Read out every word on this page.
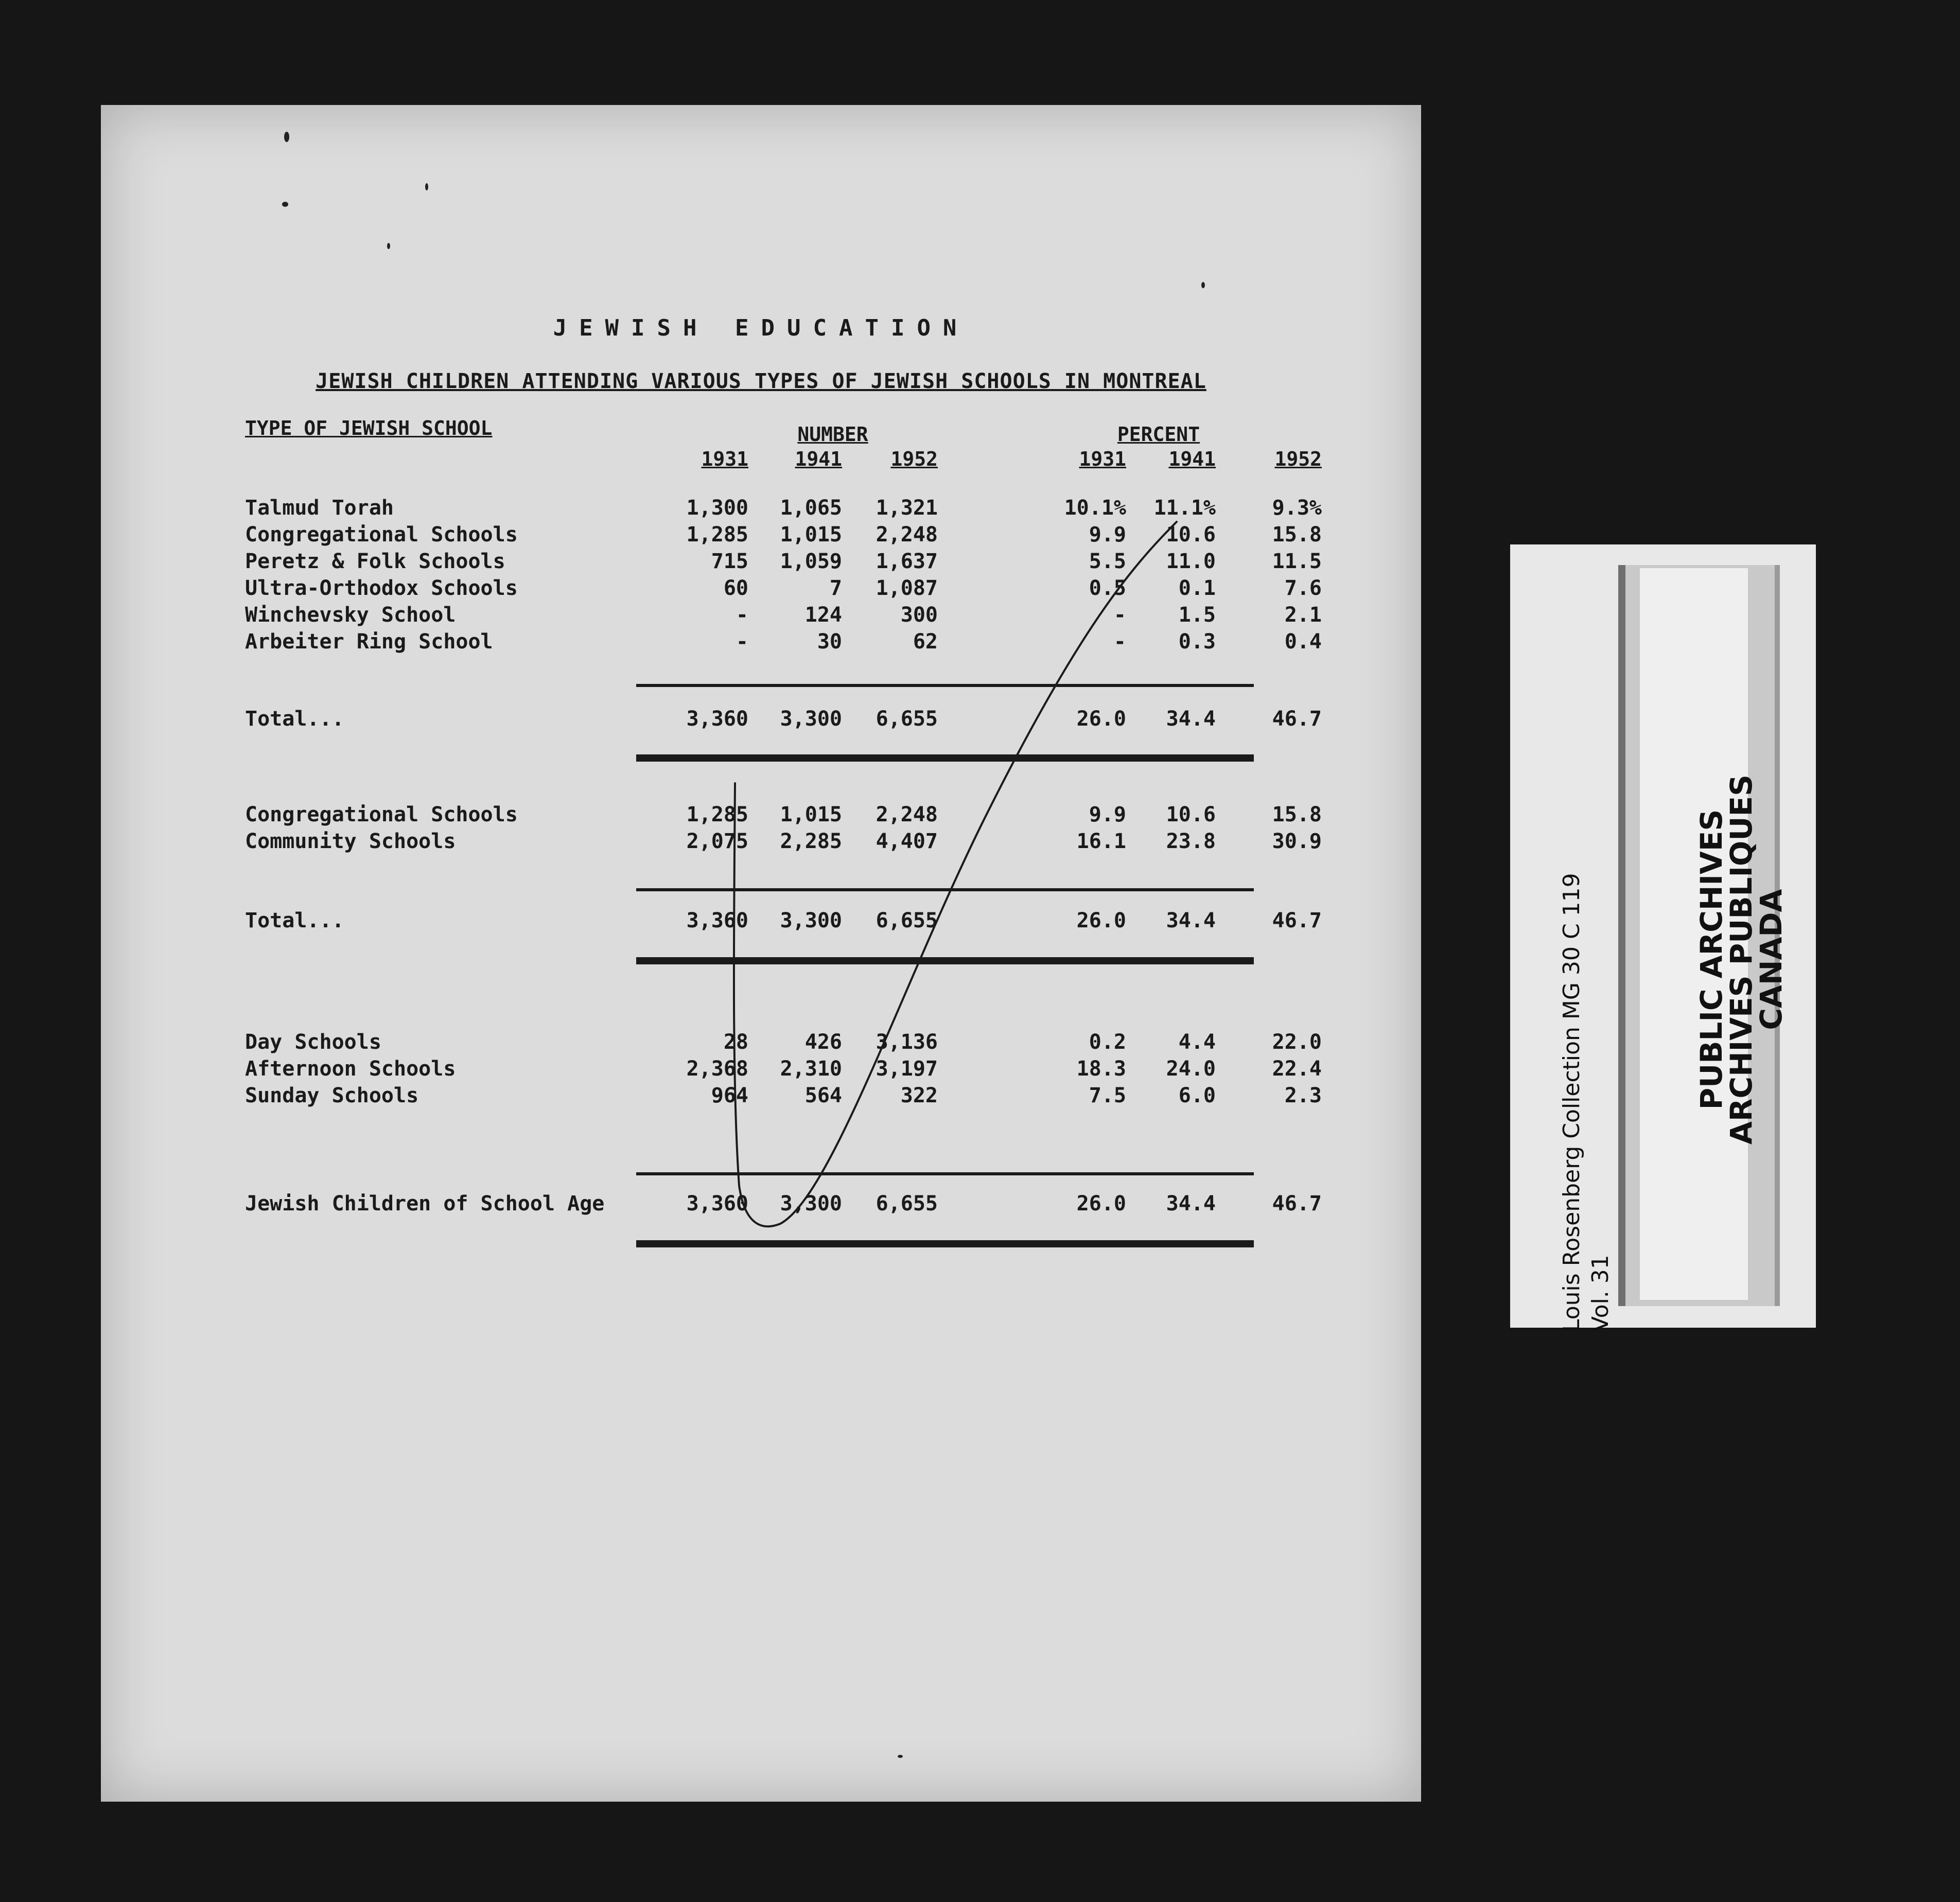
JEWISH EDUCATION
JEWISH CHILDREN ATTENDING VARIOUS TYPES OF JEWISH SCHOOLS IN MONTREAL
TYPE OF JEWISH SCHOOL	NUMBER	PERCENT
1931	1941	1952	1931	1941	1952
Talmud Torah	1,300	1,065	1,321	10.1%	11.1%	9.3%
Congregational Schools	1,285	1,015	2,248	9.9	10.6	15.8
Peretz & Folk Schools	715	1,059	1,637	5.5	11.0	11.5
Ultra-Orthodox Schools	60	7	1,087	0.5	0.1	7.6
Winchevsky School	-	124	300	-	1.5	2.1
Arbeiter Ring School	-	30	62	-	0.3	0.4
Total...	3,360	3,300	6,655	26.0	34.4	46.7
Congregational Schools	1,285	1,015	2,248	9.9	10.6	15.8
Community Schools	2,075	2,285	4,407	16.1	23.8	30.9
Total...	3,360	3,300	6,655	26.0	34.4	46.7
Day Schools	28	426	3,136	0.2	4.4	22.0
Afternoon Schools	2,368	2,310	3,197	18.3	24.0	22.4
Sunday Schools	964	564	322	7.5	6.0	2.3
Jewish Children of School Age	3,360	3,300	6,655	26.0	34.4	46.7	Louis Rosenberg Collection MG 30 C 119 Vol. 31
PUBLIC ARCHIVES
ARCHIVES PUBLIQUES
CANADA
